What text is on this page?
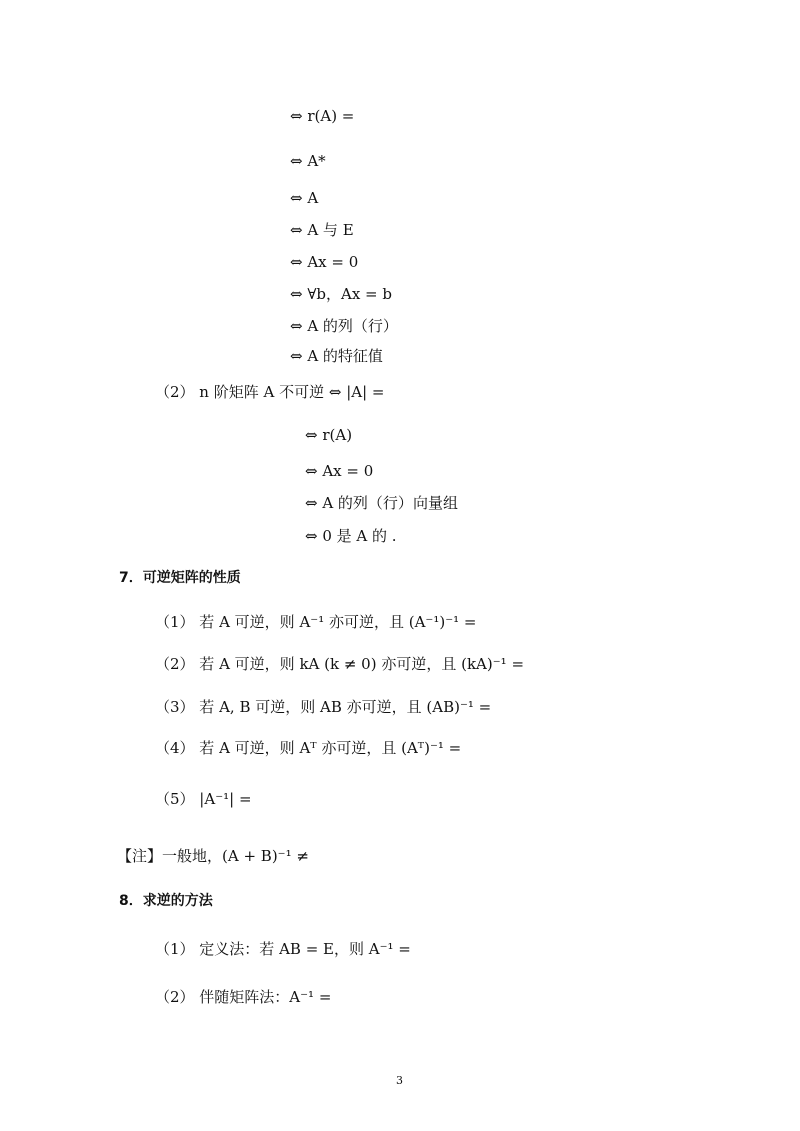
⇔ r(A) =
⇔ A*
⇔ A
⇔ A 与 E
⇔ Ax = 0
⇔ ∀b，Ax = b
⇔ A 的列（行）
⇔ A 的特征值
（2） n 阶矩阵 A 不可逆 ⇔ |A| =
⇔ r(A)
⇔ Ax = 0
⇔ A 的列（行）向量组
⇔ 0 是 A 的 .
7．可逆矩阵的性质
（1） 若 A 可逆，则 A⁻¹ 亦可逆，且 (A⁻¹)⁻¹ =
（2） 若 A 可逆，则 kA (k ≠ 0) 亦可逆，且 (kA)⁻¹ =
（3） 若 A, B 可逆，则 AB 亦可逆，且 (AB)⁻¹ =
（4） 若 A 可逆，则 Aᵀ 亦可逆，且 (Aᵀ)⁻¹ =
（5） |A⁻¹| =
【注】一般地，(A + B)⁻¹ ≠
8．求逆的方法
（1） 定义法：若 AB = E，则 A⁻¹ =
（2） 伴随矩阵法：A⁻¹ =
3
